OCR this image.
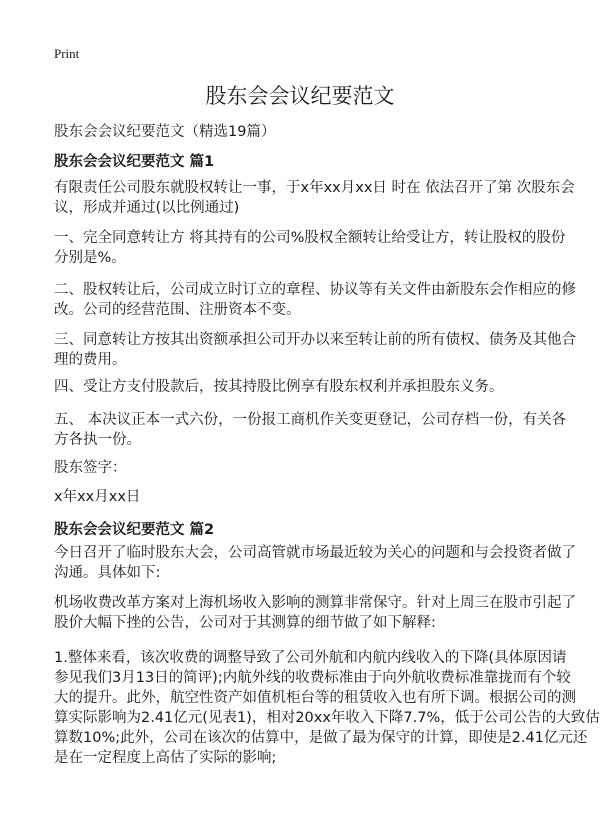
Print
股东会会议纪要范文
股东会会议纪要范文（精选19篇）
股东会会议纪要范文 篇1
有限责任公司股东就股权转让一事，于x年xx月xx日 时在 依法召开了第 次股东会
议，形成并通过(以比例通过)
一、完全同意转让方 将其持有的公司%股权全额转让给受让方，转让股权的股份
分别是%。
二、股权转让后，公司成立时订立的章程、协议等有关文件由新股东会作相应的修
改。公司的经营范围、注册资本不变。
三、同意转让方按其出资额承担公司开办以来至转让前的所有债权、债务及其他合
理的费用。
四、受让方支付股款后，按其持股比例享有股东权利并承担股东义务。
五、 本决议正本一式六份，一份报工商机作关变更登记，公司存档一份，有关各
方各执一份。
股东签字：
x年xx月xx日
股东会会议纪要范文 篇2
今日召开了临时股东大会，公司高管就市场最近较为关心的问题和与会投资者做了
沟通。具体如下:
机场收费改革方案对上海机场收入影响的测算非常保守。针对上周三在股市引起了
股价大幅下挫的公告，公司对于其测算的细节做了如下解释:
1.整体来看，该次收费的调整导致了公司外航和内航内线收入的下降(具体原因请
参见我们3月13日的简评);内航外线的收费标准由于向外航收费标准靠拢而有个较
大的提升。此外，航空性资产如值机柜台等的租赁收入也有所下调。根据公司的测
算实际影响为2.41亿元(见表1)，相对20xx年收入下降7.7%，低于公司公告的大致估
算数10%;此外，公司在该次的估算中，是做了最为保守的计算，即使是2.41亿元还
是在一定程度上高估了实际的影响;
